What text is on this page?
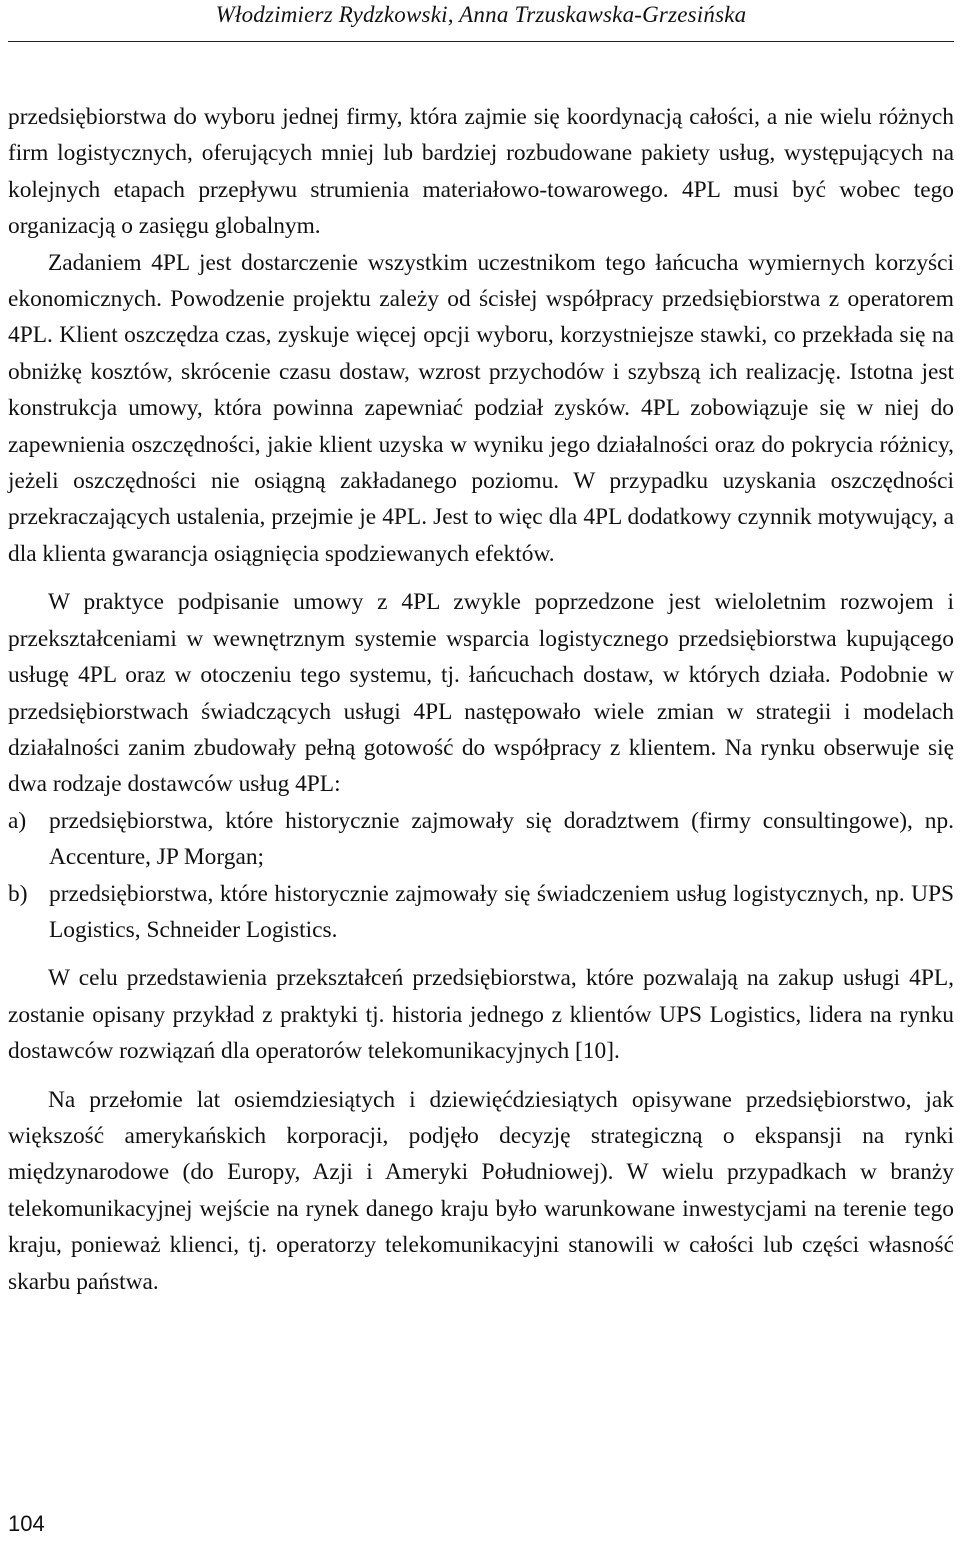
Włodzimierz Rydzkowski, Anna Trzuskawska-Grzesińska

przedsiębiorstwa do wyboru jednej firmy, która zajmie się koordynacją całości, a nie wielu różnych firm logistycznych, oferujących mniej lub bardziej rozbudowane pakiety usług, występujących na kolejnych etapach przepływu strumienia materiałowo-towarowego. 4PL musi być wobec tego organizacją o zasięgu globalnym.

Zadaniem 4PL jest dostarczenie wszystkim uczestnikom tego łańcucha wymiernych korzyści ekonomicznych. Powodzenie projektu zależy od ścisłej współpracy przedsiębiorstwa z operatorem 4PL. Klient oszczędza czas, zyskuje więcej opcji wyboru, korzystniejsze stawki, co przekłada się na obniżkę kosztów, skrócenie czasu dostaw, wzrost przychodów i szybszą ich realizację. Istotna jest konstrukcja umowy, która powinna zapewniać podział zysków. 4PL zobowiązuje się w niej do zapewnienia oszczędności, jakie klient uzyska w wyniku jego działalności oraz do pokrycia różnicy, jeżeli oszczędności nie osiągną zakładanego poziomu. W przypadku uzyskania oszczędności przekraczających ustalenia, przejmie je 4PL. Jest to więc dla 4PL dodatkowy czynnik motywujący, a dla klienta gwarancja osiągnięcia spodziewanych efektów.

W praktyce podpisanie umowy z 4PL zwykle poprzedzone jest wieloletnim rozwojem i przekształceniami w wewnętrznym systemie wsparcia logistycznego przedsiębiorstwa kupującego usługę 4PL oraz w otoczeniu tego systemu, tj. łańcuchach dostaw, w których działa. Podobnie w przedsiębiorstwach świadczących usługi 4PL następowało wiele zmian w strategii i modelach działalności zanim zbudowały pełną gotowość do współpracy z klientem. Na rynku obserwuje się dwa rodzaje dostawców usług 4PL:

a) przedsiębiorstwa, które historycznie zajmowały się doradztwem (firmy consultingowe), np. Accenture, JP Morgan;
b) przedsiębiorstwa, które historycznie zajmowały się świadczeniem usług logistycznych, np. UPS Logistics, Schneider Logistics.

W celu przedstawienia przekształceń przedsiębiorstwa, które pozwalają na zakup usługi 4PL, zostanie opisany przykład z praktyki tj. historia jednego z klientów UPS Logistics, lidera na rynku dostawców rozwiązań dla operatorów telekomunikacyjnych [10].

Na przełomie lat osiemdziesiątych i dziewięćdziesiątych opisywane przedsiębiorstwo, jak większość amerykańskich korporacji, podjęło decyzję strategiczną o ekspansji na rynki międzynarodowe (do Europy, Azji i Ameryki Południowej). W wielu przypadkach w branży telekomunikacyjnej wejście na rynek danego kraju było warunkowane inwestycjami na terenie tego kraju, ponieważ klienci, tj. operatorzy telekomunikacyjni stanowili w całości lub części własność skarbu państwa.

104
